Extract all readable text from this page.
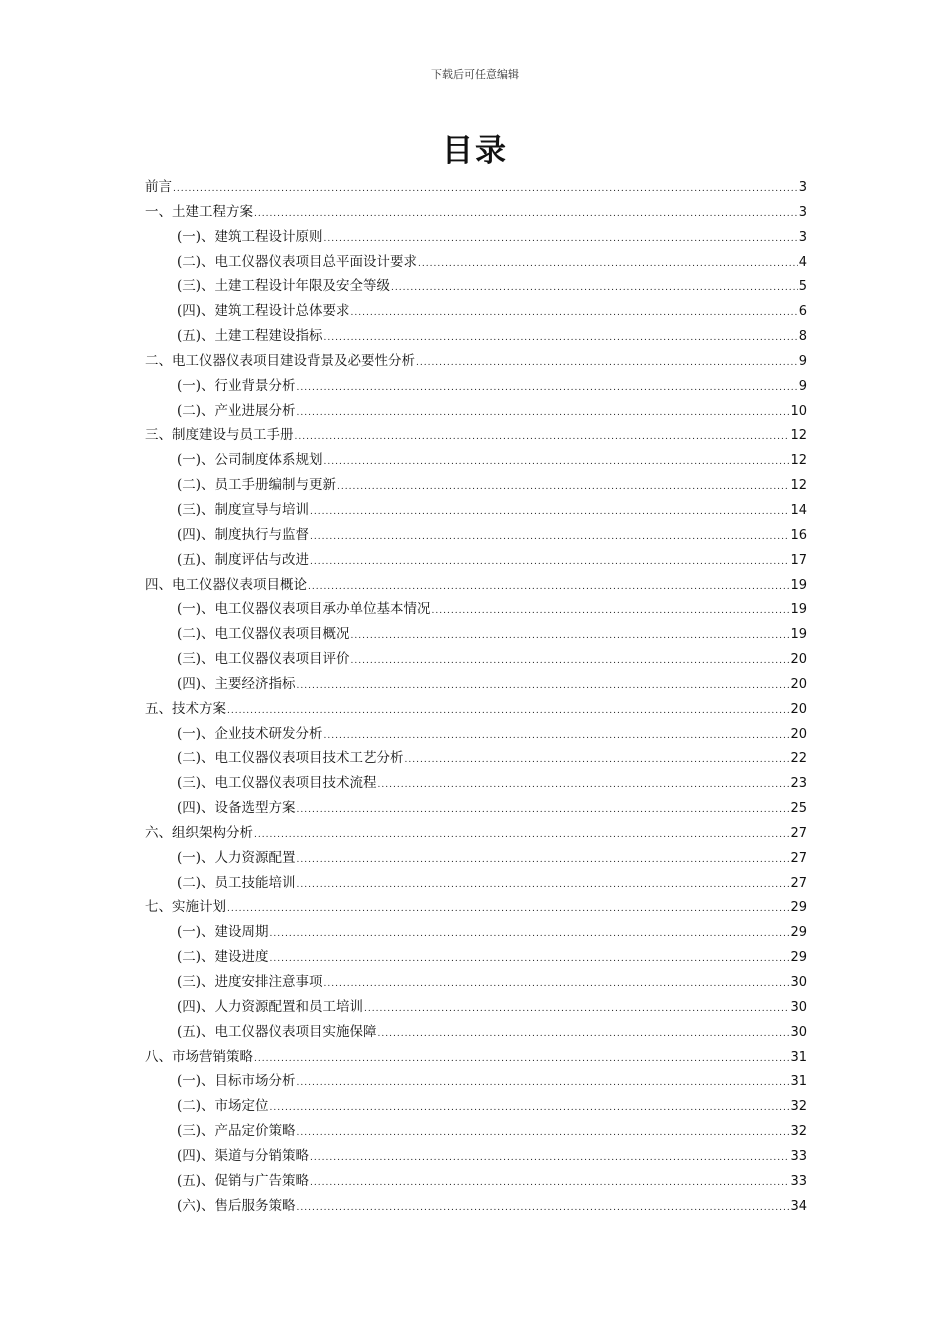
下载后可任意编辑
目录
前言 .....	3
一、土建工程方案 .....	3
(一)、建筑工程设计原则 .....	3
(二)、电工仪器仪表项目总平面设计要求 .....	4
(三)、土建工程设计年限及安全等级 .....	5
(四)、建筑工程设计总体要求 .....	6
(五)、土建工程建设指标 .....	8
二、电工仪器仪表项目建设背景及必要性分析 .....	9
(一)、行业背景分析 .....	9
(二)、产业进展分析 .....	10
三、制度建设与员工手册 .....	12
(一)、公司制度体系规划 .....	12
(二)、员工手册编制与更新 .....	12
(三)、制度宣导与培训 .....	14
(四)、制度执行与监督 .....	16
(五)、制度评估与改进 .....	17
四、电工仪器仪表项目概论 .....	19
(一)、电工仪器仪表项目承办单位基本情况 .....	19
(二)、电工仪器仪表项目概况 .....	19
(三)、电工仪器仪表项目评价 .....	20
(四)、主要经济指标 .....	20
五、技术方案 .....	20
(一)、企业技术研发分析 .....	20
(二)、电工仪器仪表项目技术工艺分析 .....	22
(三)、电工仪器仪表项目技术流程 .....	23
(四)、设备选型方案 .....	25
六、组织架构分析 .....	27
(一)、人力资源配置 .....	27
(二)、员工技能培训 .....	27
七、实施计划 .....	29
(一)、建设周期 .....	29
(二)、建设进度 .....	29
(三)、进度安排注意事项 .....	30
(四)、人力资源配置和员工培训 .....	30
(五)、电工仪器仪表项目实施保障 .....	30
八、市场营销策略 .....	31
(一)、目标市场分析 .....	31
(二)、市场定位 .....	32
(三)、产品定价策略 .....	32
(四)、渠道与分销策略 .....	33
(五)、促销与广告策略 .....	33
(六)、售后服务策略 .....	34
